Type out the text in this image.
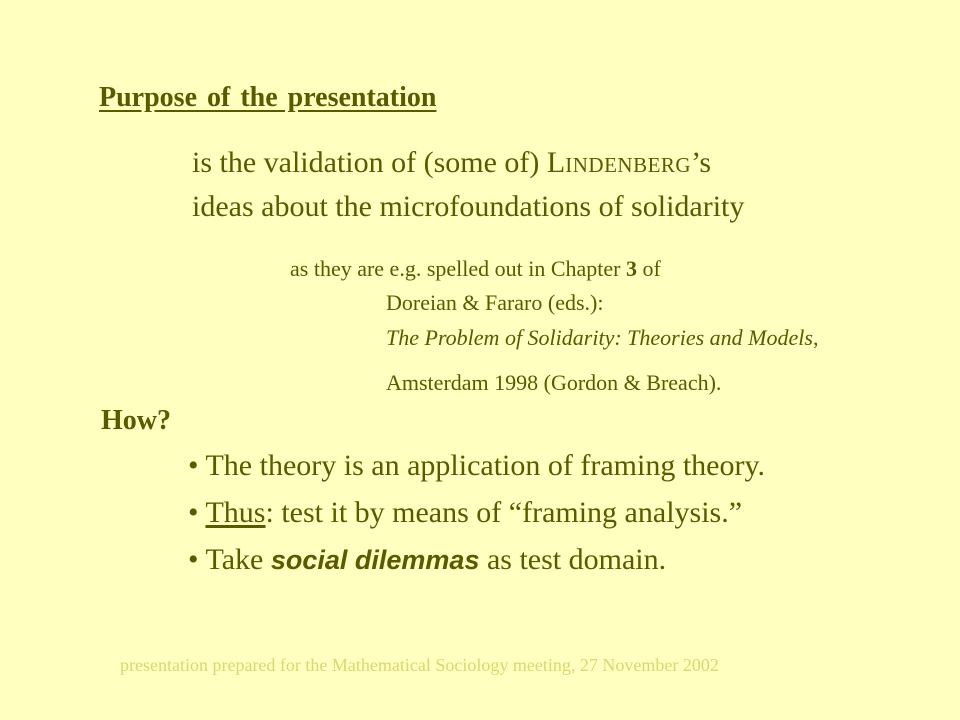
Purpose of the presentation
is the validation of (some of) LINDENBERG’s
ideas about the microfoundations of solidarity
as they are e.g. spelled out in Chapter 3 of
Doreian & Fararo (eds.):
The Problem of Solidarity: Theories and Models,
Amsterdam 1998 (Gordon & Breach).
How?
• The theory is an application of framing theory.
• Thus: test it by means of “framing analysis.”
• Take social dilemmas as test domain.
presentation prepared for the Mathematical Sociology meeting, 27 November 2002
